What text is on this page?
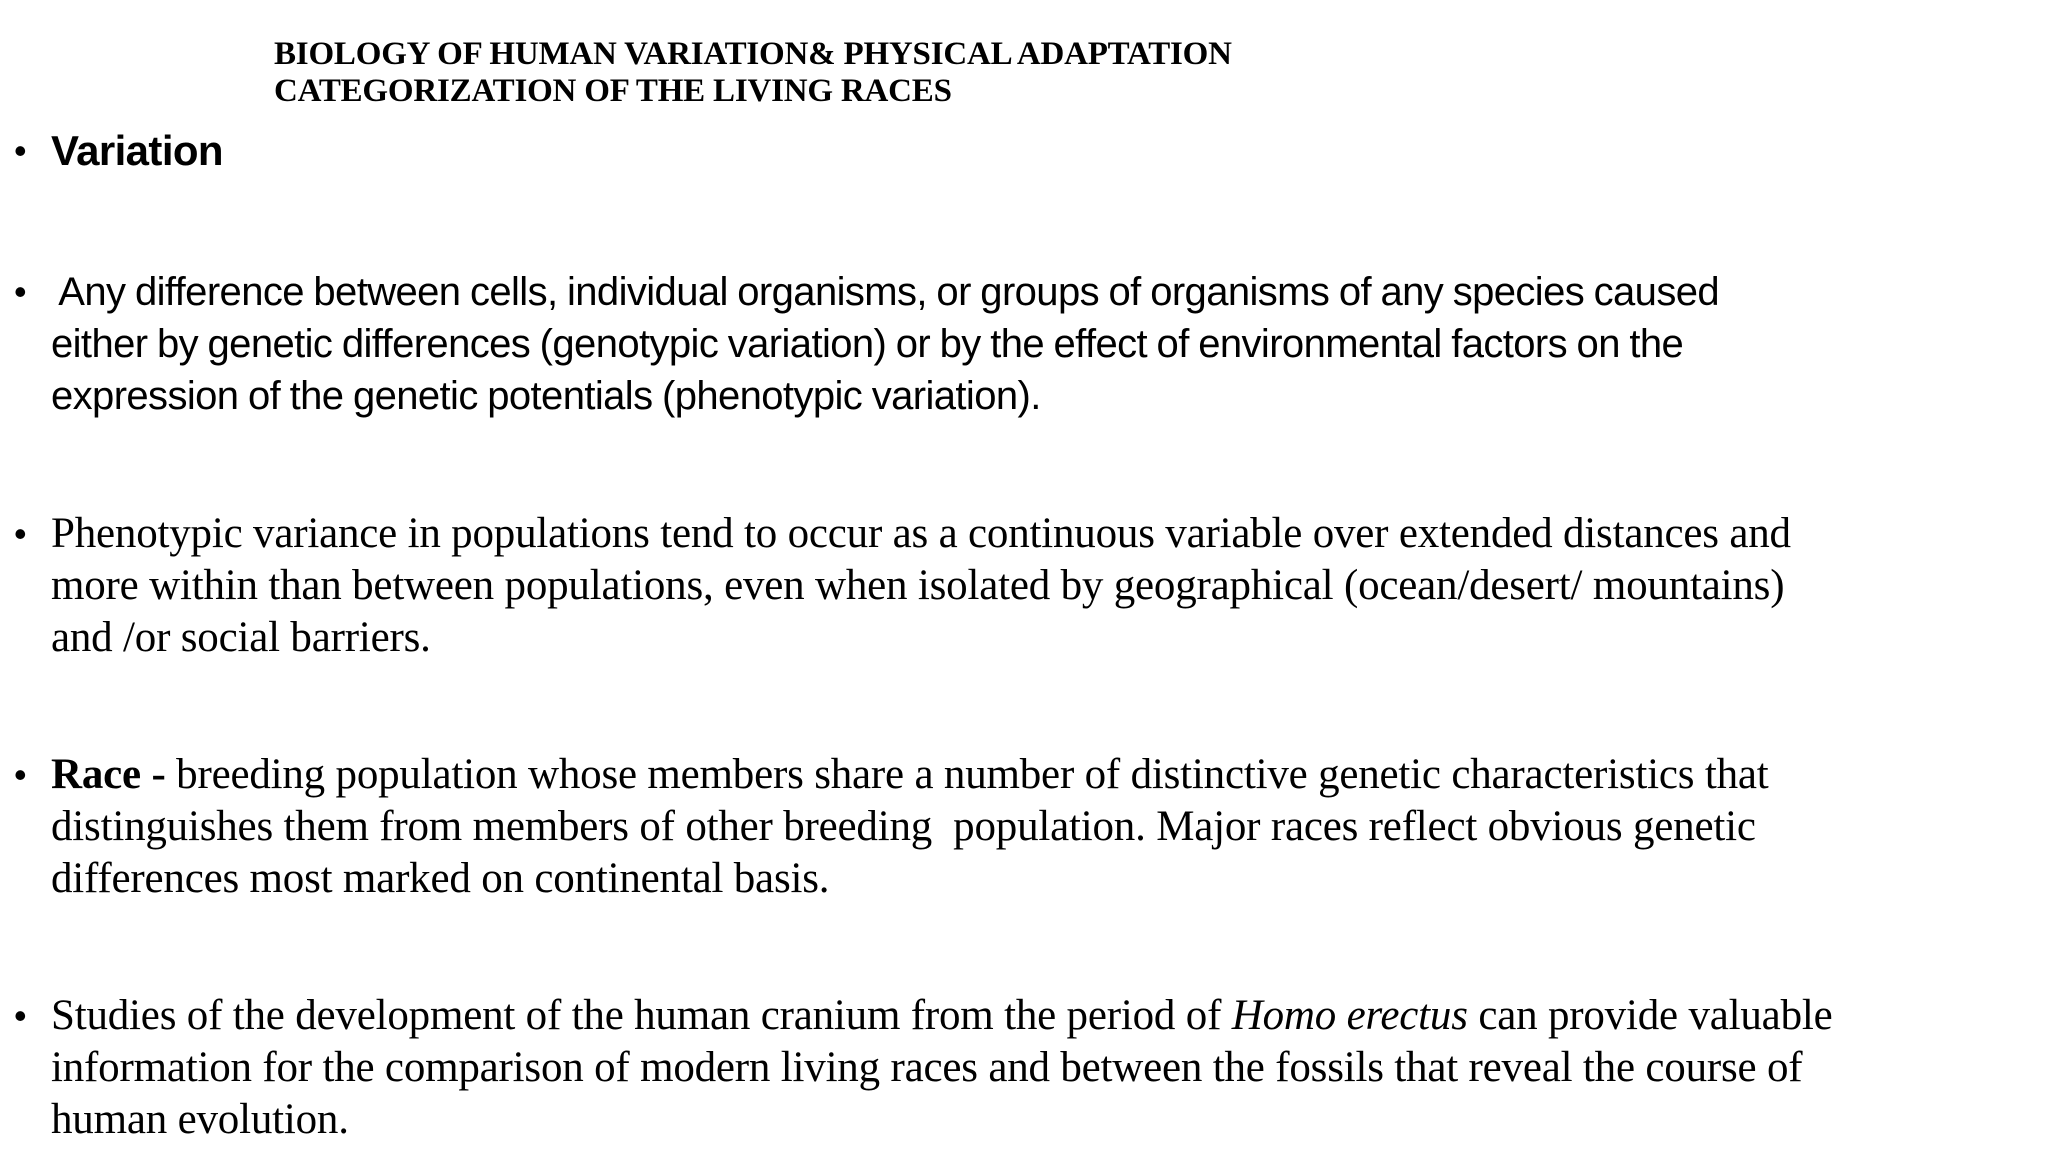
BIOLOGY OF HUMAN VARIATION& PHYSICAL ADAPTATION
CATEGORIZATION OF THE LIVING RACES
• Variation
• Any difference between cells, individual organisms, or groups of organisms of any species caused
either by genetic differences (genotypic variation) or by the effect of environmental factors on the
expression of the genetic potentials (phenotypic variation).
• Phenotypic variance in populations tend to occur as a continuous variable over extended distances and
more within than between populations, even when isolated by geographical (ocean/desert/ mountains)
and /or social barriers.
• Race - breeding population whose members share a number of distinctive genetic characteristics that
distinguishes them from members of other breeding  population. Major races reflect obvious genetic
differences most marked on continental basis.
• Studies of the development of the human cranium from the period of Homo erectus can provide valuable
information for the comparison of modern living races and between the fossils that reveal the course of
human evolution.
